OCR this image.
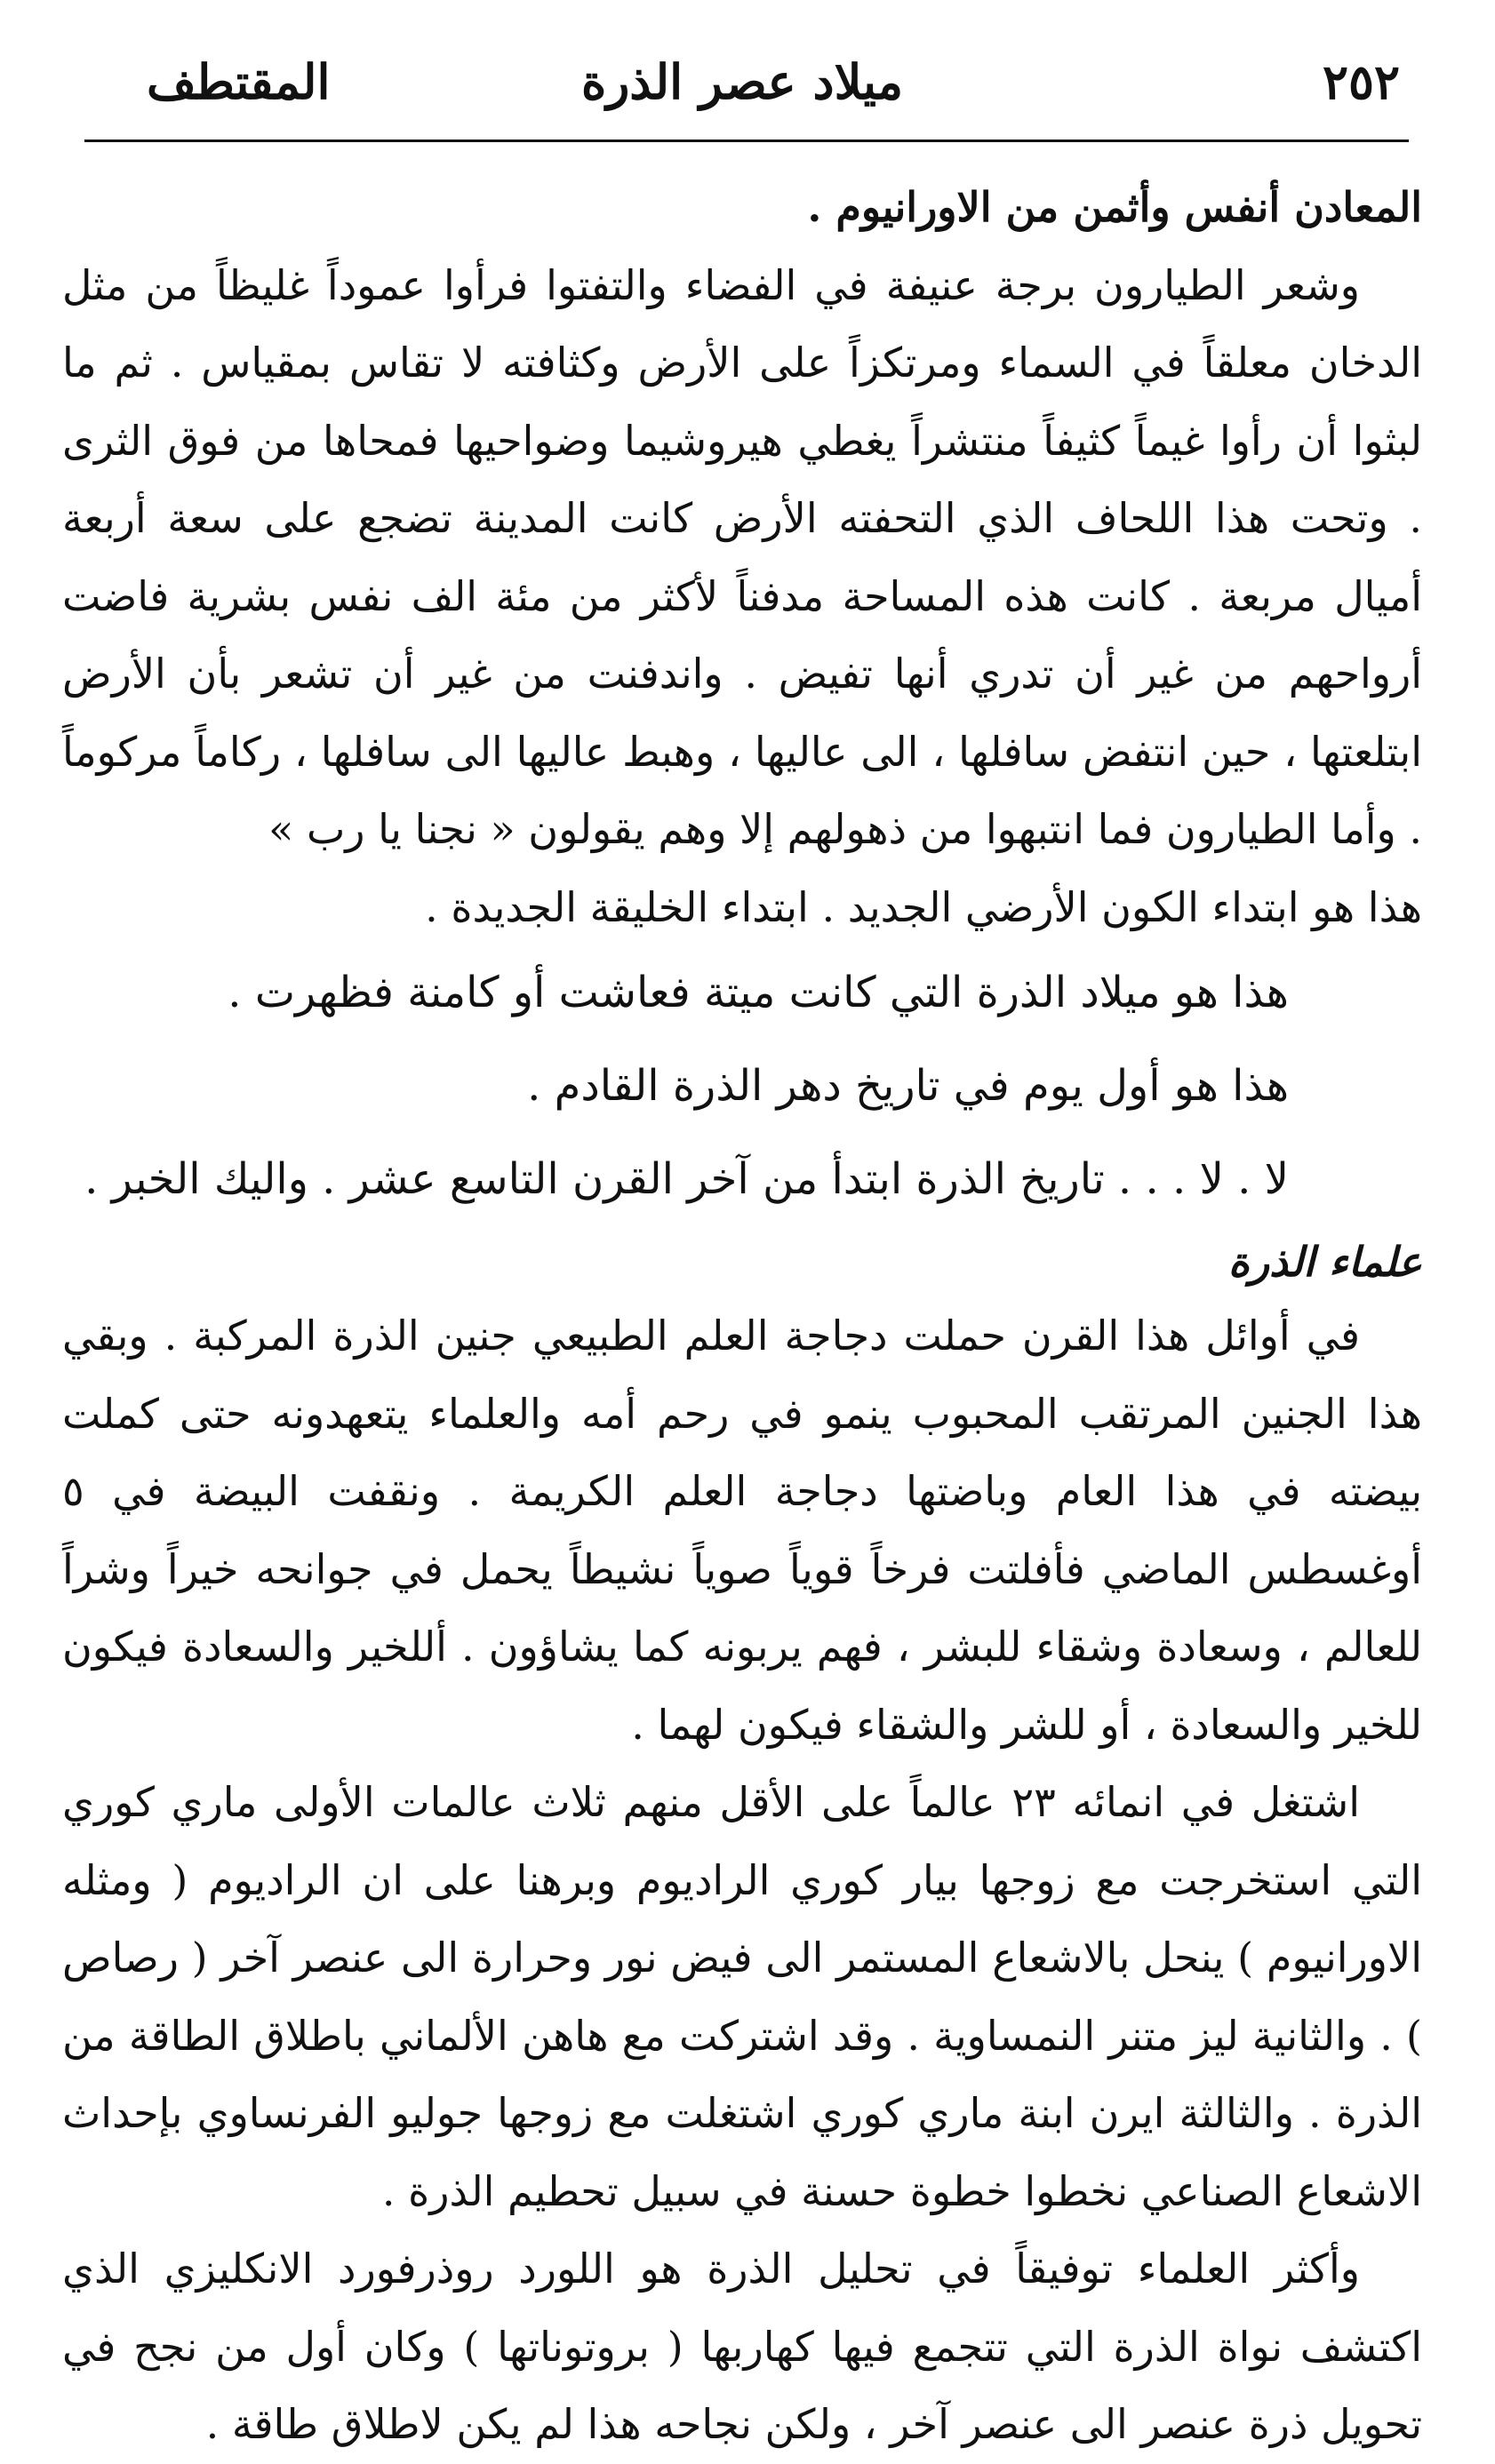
٢٥٢
ميلاد عصر الذرة
المقتطف

المعادن أنفس وأثمن من الاورانيوم .

وشعر الطيارون برجة عنيفة في الفضاء والتفتوا فرأوا عموداً غليظاً من مثل الدخان معلقاً في السماء ومرتكزاً على الأرض وكثافته لا تقاس بمقياس . ثم ما لبثوا أن رأوا غيماً كثيفاً منتشراً يغطي هيروشيما وضواحيها فمحاها من فوق الثرى . وتحت هذا اللحاف الذي التحفته الأرض كانت المدينة تضجع على سعة أربعة أميال مربعة . كانت هذه المساحة مدفناً لأكثر من مئة الف نفس بشرية فاضت أرواحهم من غير أن تدري أنها تفيض . واندفنت من غير أن تشعر بأن الأرض ابتلعتها ، حين انتفض سافلها ، الى عاليها ، وهبط عاليها الى سافلها ، ركاماً مركوماً . وأما الطيارون فما انتبهوا من ذهولهم إلا وهم يقولون « نجنا يا رب »

هذا هو ابتداء الكون الأرضي الجديد . ابتداء الخليقة الجديدة .

هذا هو ميلاد الذرة التي كانت ميتة فعاشت أو كامنة فظهرت .

هذا هو أول يوم في تاريخ دهر الذرة القادم .

لا . لا . . . تاريخ الذرة ابتدأ من آخر القرن التاسع عشر . واليك الخبر .

علماء الذرة

في أوائل هذا القرن حملت دجاجة العلم الطبيعي جنين الذرة المركبة . وبقي هذا الجنين المرتقب المحبوب ينمو في رحم أمه والعلماء يتعهدونه حتى كملت بيضته في هذا العام وباضتها دجاجة العلم الكريمة . ونقفت البيضة في ٥ أوغسطس الماضي فأفلتت فرخاً قوياً صوياً نشيطاً يحمل في جوانحه خيراً وشراً للعالم ، وسعادة وشقاء للبشر ، فهم يربونه كما يشاؤون . أللخير والسعادة فيكون للخير والسعادة ، أو للشر والشقاء فيكون لهما .

اشتغل في انمائه ٢٣ عالماً على الأقل منهم ثلاث عالمات الأولى ماري كوري التي استخرجت مع زوجها بيار كوري الراديوم وبرهنا على ان الراديوم ( ومثله الاورانيوم ) ينحل بالاشعاع المستمر الى فيض نور وحرارة الى عنصر آخر ( رصاص ) . والثانية ليز متنر النمساوية . وقد اشتركت مع هاهن الألماني باطلاق الطاقة من الذرة . والثالثة ايرن ابنة ماري كوري اشتغلت مع زوجها جوليو الفرنساوي بإحداث الاشعاع الصناعي نخطوا خطوة حسنة في سبيل تحطيم الذرة .

وأكثر العلماء توفيقاً في تحليل الذرة هو اللورد روذرفورد الانكليزي الذي اكتشف نواة الذرة التي تتجمع فيها كهاربها ( بروتوناتها ) وكان أول من نجح في تحويل ذرة عنصر الى عنصر آخر ، ولكن نجاحه هذا لم يكن لاطلاق طاقة .
